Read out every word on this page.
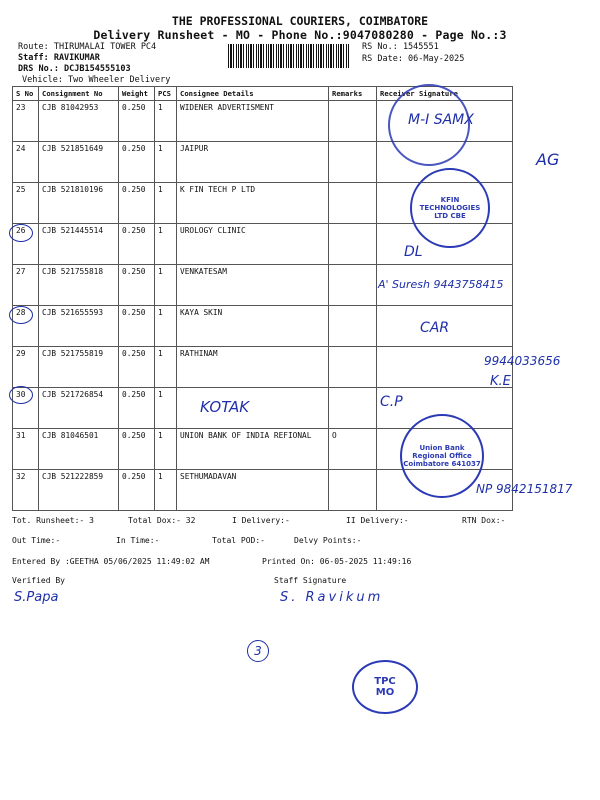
THE PROFESSIONAL COURIERS, COIMBATORE
Delivery Runsheet - MO - Phone No.:9047080280 - Page No.:3
Route: THIRUMALAI TOWER PC4
Staff: RAVIKUMAR
DRS No.: DCJB154555103
Vehicle: Two Wheeler Delivery
RS No.: 1545551
RS Date: 06-May-2025
S No	Consignment No	Weight	PCS	Consignee Details	Remarks	Receiver Signature
23	CJB 81042953	0.250	1	WIDENER ADVERTISMENT		
24	CJB 521851649	0.250	1	JAIPUR		
25	CJB 521810196	0.250	1	K FIN TECH P LTD		
26	CJB 521445514	0.250	1	UROLOGY CLINIC		
27	CJB 521755818	0.250	1	VENKATESAM		
28	CJB 521655593	0.250	1	KAYA SKIN		
29	CJB 521755819	0.250	1	RATHINAM		
30	CJB 521726854	0.250	1			
31	CJB 81046501	0.250	1	UNION BANK OF INDIA REFIONAL	O	
32	CJB 521222859	0.250	1	SETHUMADAVAN		
Tot. Runsheet:- 3	Total Dox:- 32	I Delivery:-	II Delivery:-	RTN Dox:-
Out Time:-	In Time:-	Total POD:-	Delvy Points:-
Entered By :GEETHA 05/06/2025 11:49:02 AM	Printed On: 06-05-2025 11:49:16
Verified By	Staff Signature
S.Papa	S. Ravikum
3
M-I SAMX
AG
DL
A' Suresh 9443758415
CAR
9944033656
K.E
KOTAK	C.P
NP 9842151817
KFIN TECHNOLOGIES LTD CBE
Union Bank Regional Office Coimbatore 641037
TPC
MO
